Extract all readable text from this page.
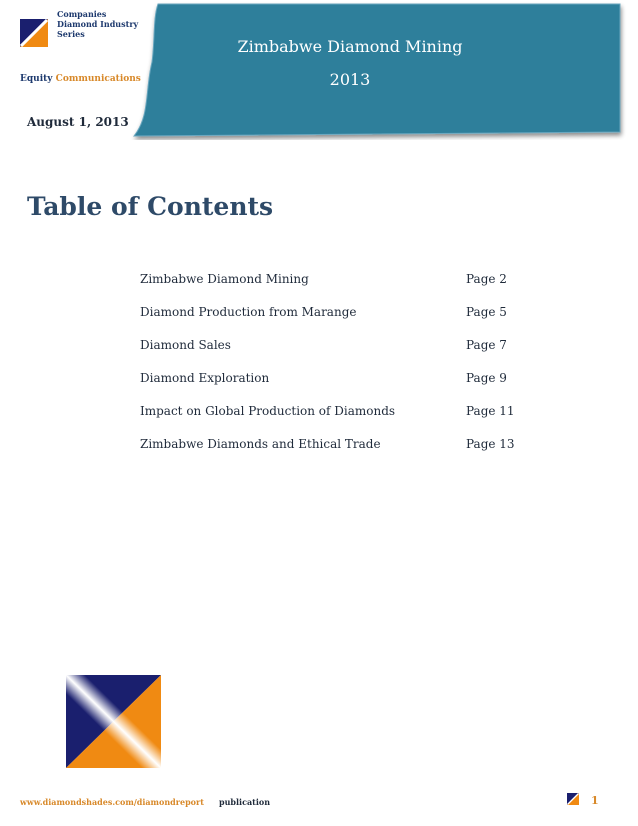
Companies
Diamond Industry
Series
Equity Communications
Zimbabwe Diamond Mining
2013
August 1, 2013
Table of Contents
Zimbabwe Diamond Mining	Page 2
Diamond Production from Marange	Page 5
Diamond Sales	Page 7
Diamond Exploration	Page 9
Impact on Global Production of Diamonds	Page 11
Zimbabwe Diamonds and Ethical Trade	Page 13
www.diamondshades.com/diamondreport publication	1
